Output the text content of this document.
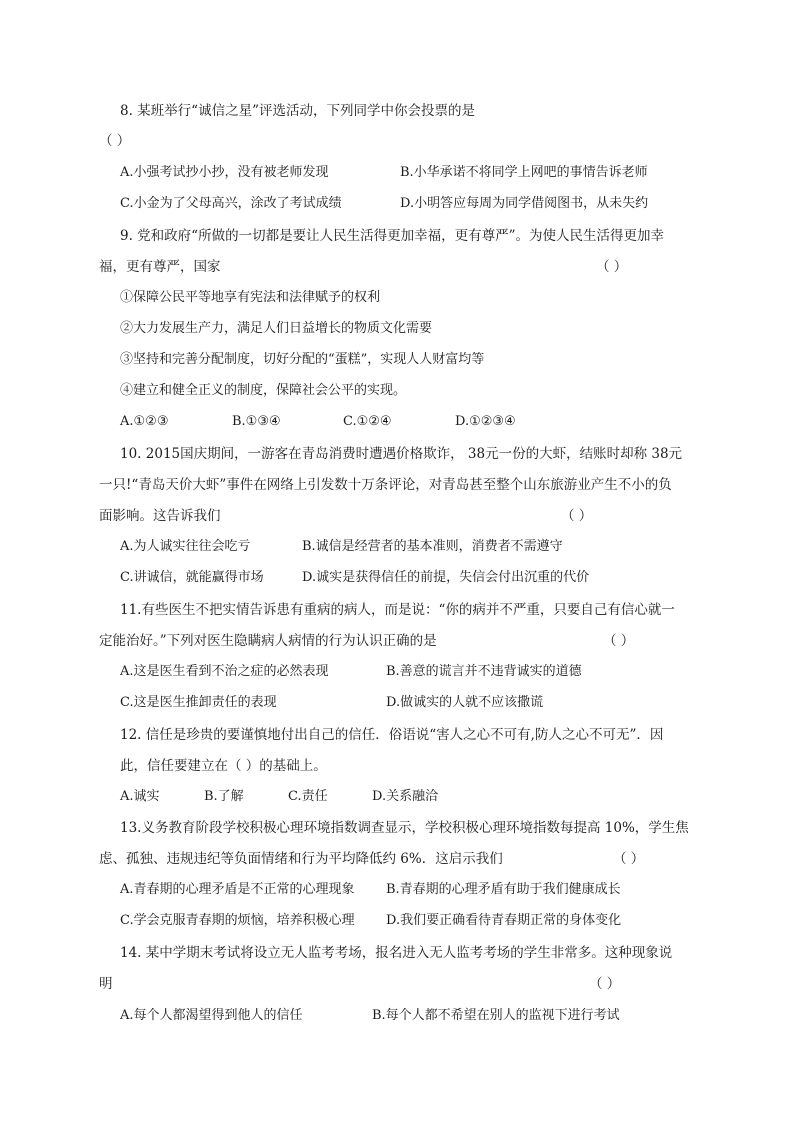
8. 某班举行“诚信之星”评选活动，下列同学中你会投票的是
（ ）
A.小强考试抄小抄，没有被老师发现	B.小华承诺不将同学上网吧的事情告诉老师
C.小金为了父母高兴，涂改了考试成绩	D.小明答应每周为同学借阅图书，从未失约
9. 党和政府“所做的一切都是要让人民生活得更加幸福，更有尊严”。为使人民生活得更加幸
福，更有尊严，国家	（ ）
①保障公民平等地享有宪法和法律赋予的权利
②大力发展生产力，满足人们日益增长的物质文化需要
③坚持和完善分配制度，切好分配的“蛋糕”，实现人人财富均等
④建立和健全正义的制度，保障社会公平的实现。
A.①②③	B.①③④	C.①②④	D.①②③④
10. 2015国庆期间，一游客在青岛消费时遭遇价格欺诈， 38元一份的大虾，结账时却称 38元
一只!“青岛天价大虾”事件在网络上引发数十万条评论，对青岛甚至整个山东旅游业产生不小的负
面影响。这告诉我们	（ ）
A.为人诚实往往会吃亏	B.诚信是经营者的基本准则，消费者不需遵守
C.讲诚信，就能赢得市场	D.诚实是获得信任的前提，失信会付出沉重的代价
11.有些医生不把实情告诉患有重病的病人，而是说：“你的病并不严重，只要自己有信心就一
定能治好。”下列对医生隐瞒病人病情的行为认识正确的是	（ ）
A.这是医生看到不治之症的必然表现	B.善意的谎言并不违背诚实的道德
C.这是医生推卸责任的表现	D.做诚实的人就不应该撒谎
12. 信任是珍贵的要谨慎地付出自己的信任．俗语说“害人之心不可有,防人之心不可无”．因
此，信任要建立在（ ）的基础上。
A.诚实	B.了解	C.责任	D.关系融洽
13.义务教育阶段学校积极心理环境指数调查显示，学校积极心理环境指数每提高 10%，学生焦
虑、孤独、违规违纪等负面情绪和行为平均降低约 6%．这启示我们	（ ）
A.青春期的心理矛盾是不正常的心理现象 B.青春期的心理矛盾有助于我们健康成长
C.学会克服青春期的烦恼，培养积极心理 D.我们要正确看待青春期正常的身体变化
14. 某中学期末考试将设立无人监考考场，报名进入无人监考考场的学生非常多。这种现象说
明	（ ）
A.每个人都渴望得到他人的信任	B.每个人都不希望在别人的监视下进行考试
